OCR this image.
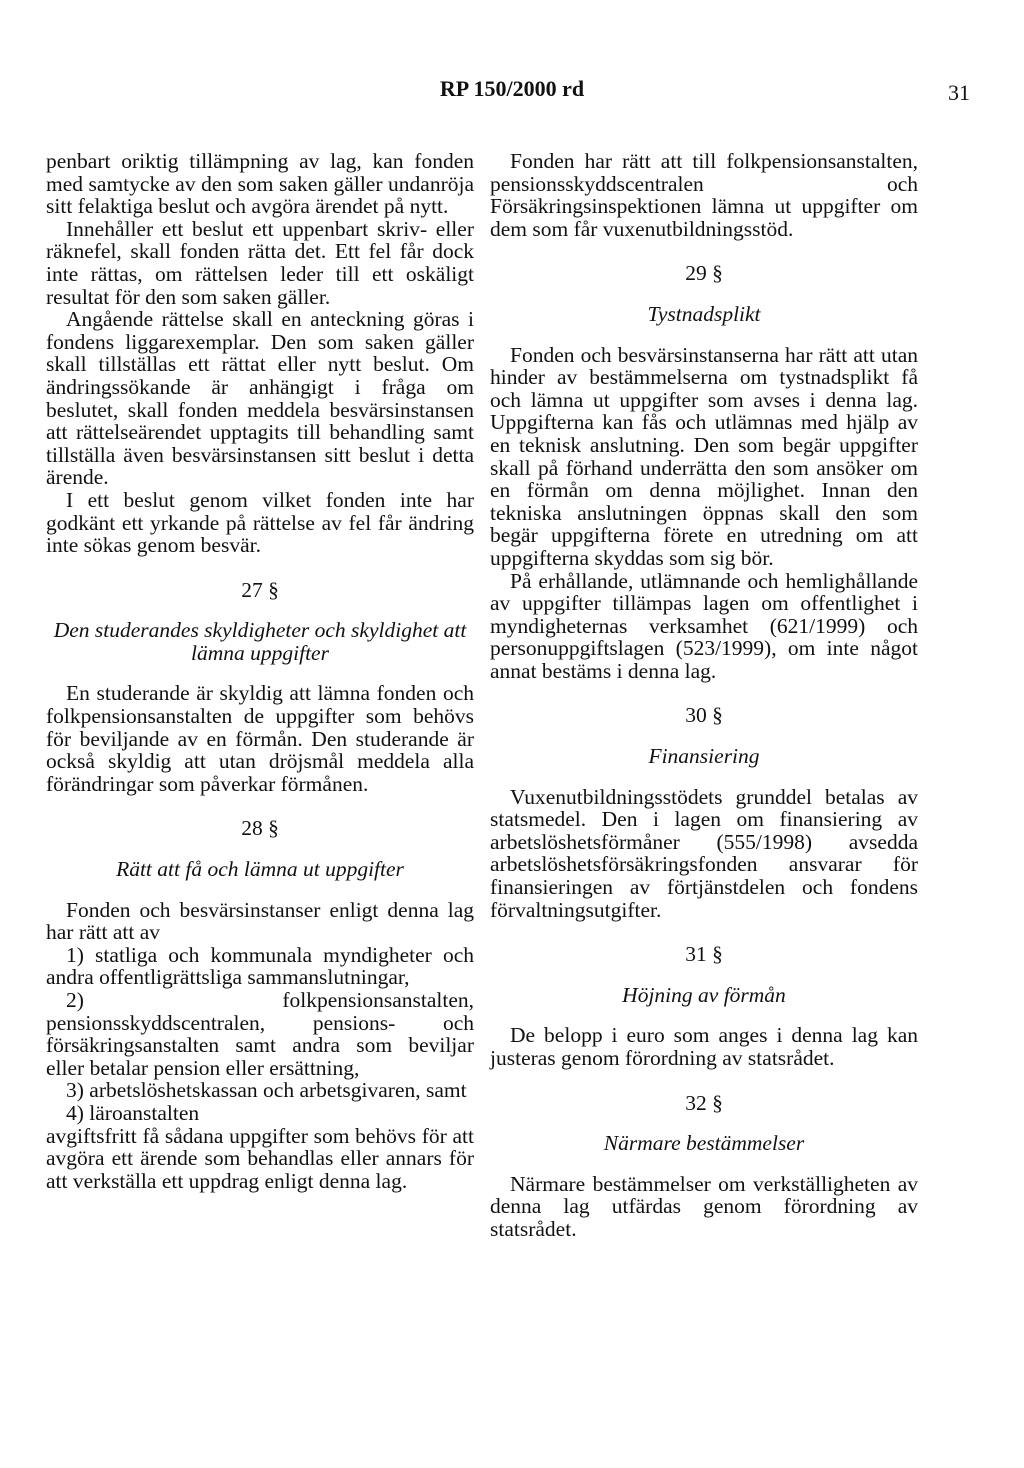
RP 150/2000 rd	31

penbart oriktig tillämpning av lag, kan fonden med samtycke av den som saken gäller undanröja sitt felaktiga beslut och avgöra ärendet på nytt.

Innehåller ett beslut ett uppenbart skriv- eller räknefel, skall fonden rätta det. Ett fel får dock inte rättas, om rättelsen leder till ett oskäligt resultat för den som saken gäller.

Angående rättelse skall en anteckning göras i fondens liggarexemplar. Den som saken gäller skall tillställas ett rättat eller nytt beslut. Om ändringssökande är anhängigt i fråga om beslutet, skall fonden meddela besvärsinstansen att rättelseärendet upptagits till behandling samt tillställa även besvärsinstansen sitt beslut i detta ärende.

I ett beslut genom vilket fonden inte har godkänt ett yrkande på rättelse av fel får ändring inte sökas genom besvär.

27 §
Den studerandes skyldigheter och skyldighet att lämna uppgifter

En studerande är skyldig att lämna fonden och folkpensionsanstalten de uppgifter som behövs för beviljande av en förmån. Den studerande är också skyldig att utan dröjsmål meddela alla förändringar som påverkar förmånen.

28 §
Rätt att få och lämna ut uppgifter

Fonden och besvärsinstanser enligt denna lag har rätt att av

1) statliga och kommunala myndigheter och andra offentligrättsliga sammanslutningar,

2) folkpensionsanstalten, pensionsskyddscentralen, pensions- och försäkringsanstalten samt andra som beviljar eller betalar pension eller ersättning,

3) arbetslöshetskassan och arbetsgivaren, samt

4) läroanstalten

avgiftsfritt få sådana uppgifter som behövs för att avgöra ett ärende som behandlas eller annars för att verkställa ett uppdrag enligt denna lag.

Fonden har rätt att till folkpensionsanstalten, pensionsskyddscentralen och Försäkringsinspektionen lämna ut uppgifter om dem som får vuxenutbildningsstöd.

29 §
Tystnadsplikt

Fonden och besvärsinstanserna har rätt att utan hinder av bestämmelserna om tystnadsplikt få och lämna ut uppgifter som avses i denna lag. Uppgifterna kan fås och utlämnas med hjälp av en teknisk anslutning. Den som begär uppgifter skall på förhand underrätta den som ansöker om en förmån om denna möjlighet. Innan den tekniska anslutningen öppnas skall den som begär uppgifterna förete en utredning om att uppgifterna skyddas som sig bör.

På erhållande, utlämnande och hemlighållande av uppgifter tillämpas lagen om offentlighet i myndigheternas verksamhet (621/1999) och personuppgiftslagen (523/1999), om inte något annat bestäms i denna lag.

30 §
Finansiering

Vuxenutbildningsstödets grunddel betalas av statsmedel. Den i lagen om finansiering av arbetslöshetsförmåner (555/1998) avsedda arbetslöshetsförsäkringsfonden ansvarar för finansieringen av förtjänstdelen och fondens förvaltningsutgifter.

31 §
Höjning av förmån

De belopp i euro som anges i denna lag kan justeras genom förordning av statsrådet.

32 §
Närmare bestämmelser

Närmare bestämmelser om verkställigheten av denna lag utfärdas genom förordning av statsrådet.
